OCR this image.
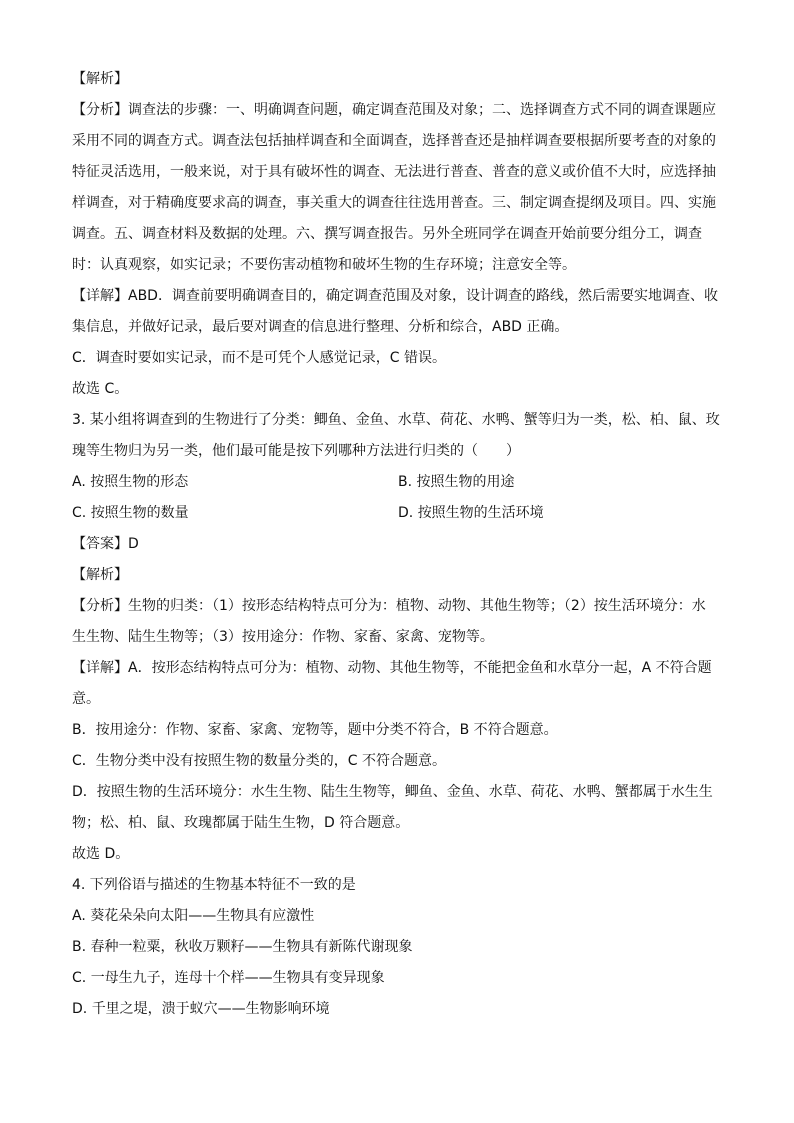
【解析】
【分析】调查法的步骤：一、明确调查问题，确定调查范围及对象；二、选择调查方式不同的调查课题应
采用不同的调查方式。调查法包括抽样调查和全面调查，选择普查还是抽样调查要根据所要考查的对象的
特征灵活选用，一般来说，对于具有破坏性的调查、无法进行普查、普查的意义或价值不大时，应选择抽
样调查，对于精确度要求高的调查，事关重大的调查往往选用普查。三、制定调查提纲及项目。四、实施
调查。五、调查材料及数据的处理。六、撰写调查报告。另外全班同学在调查开始前要分组分工，调查
时：认真观察，如实记录；不要伤害动植物和破坏生物的生存环境；注意安全等。
【详解】ABD．调查前要明确调查目的，确定调查范围及对象，设计调查的路线，然后需要实地调查、收
集信息，并做好记录，最后要对调查的信息进行整理、分析和综合，ABD 正确。
C．调查时要如实记录，而不是可凭个人感觉记录，C 错误。
故选 C。
3. 某小组将调查到的生物进行了分类：鲫鱼、金鱼、水草、荷花、水鸭、蟹等归为一类，松、柏、鼠、玫
瑰等生物归为另一类，他们最可能是按下列哪种方法进行归类的（　　）
A. 按照生物的形态	B. 按照生物的用途
C. 按照生物的数量	D. 按照生物的生活环境
【答案】D
【解析】
【分析】生物的归类：（1）按形态结构特点可分为：植物、动物、其他生物等；（2）按生活环境分：水
生生物、陆生生物等；（3）按用途分：作物、家畜、家禽、宠物等。
【详解】A．按形态结构特点可分为：植物、动物、其他生物等，不能把金鱼和水草分一起，A 不符合题
意。
B．按用途分：作物、家畜、家禽、宠物等，题中分类不符合，B 不符合题意。
C．生物分类中没有按照生物的数量分类的，C 不符合题意。
D．按照生物的生活环境分：水生生物、陆生生物等，鲫鱼、金鱼、水草、荷花、水鸭、蟹都属于水生生
物；松、柏、鼠、玫瑰都属于陆生生物，D 符合题意。
故选 D。
4. 下列俗语与描述的生物基本特征不一致的是
A. 葵花朵朵向太阳——生物具有应激性
B. 春种一粒粟，秋收万颗籽——生物具有新陈代谢现象
C. 一母生九子，连母十个样——生物具有变异现象
D. 千里之堤，溃于蚁穴——生物影响环境
